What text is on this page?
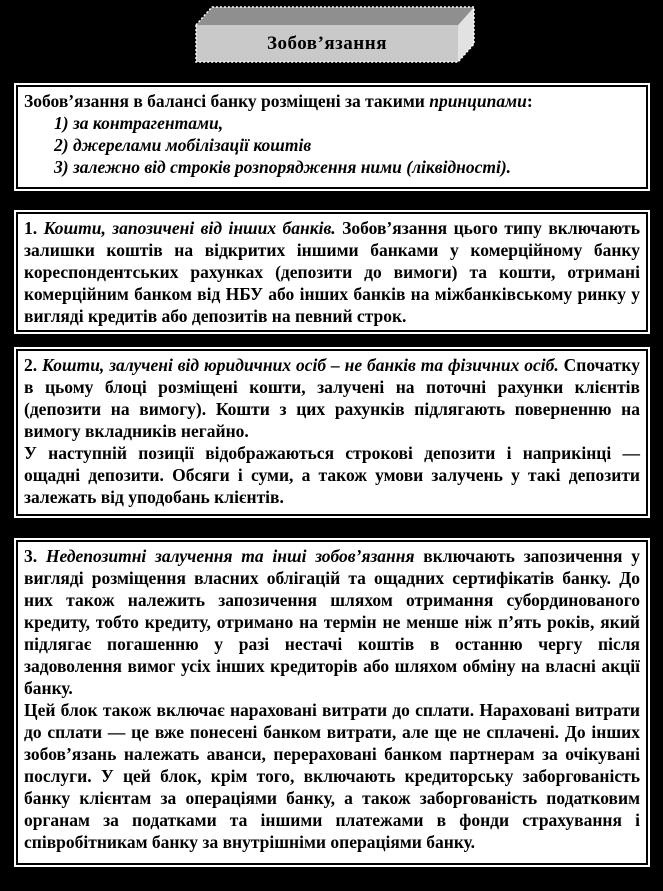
Зобов’язання

Зобов’язання в балансі банку розміщені за такими принципами:

1) за контрагентами,

2) джерелами мобілізації коштів

3) залежно від строків розпорядження ними (ліквідності).

1. Кошти, запозичені від інших банків. Зобов’язання цього типу включають залишки коштів на відкритих іншими банками у комерційному банку кореспондентських рахунках (депозити до вимоги) та кошти, отримані комерційним банком від НБУ або інших банків на міжбанківському ринку у вигляді кредитів або депозитів на певний строк.

2. Кошти, залучені від юридичних осіб – не банків та фізичних осіб. Спочатку в цьому блоці розміщені кошти, залучені на поточні рахунки клієнтів (депозити на вимогу). Кошти з цих рахунків підлягають поверненню на вимогу вкладників негайно.

У наступній позиції відображаються строкові депозити і наприкінці — ощадні депозити. Обсяги і суми, а також умови залучень у такі депозити залежать від уподобань клієнтів.

3. Недепозитні залучення та інші зобов’язання включають запозичення у вигляді розміщення власних облігацій та ощадних сертифікатів банку. До них також належить запозичення шляхом отримання субординованого кредиту, тобто кредиту, отримано на термін не менше ніж п’ять років, який підлягає погашенню у разі нестачі коштів в останню чергу після задоволення вимог усіх інших кредиторів або шляхом обміну на власні акції банку.

Цей блок також включає нараховані витрати до сплати. Нараховані витрати до сплати — це вже понесені банком витрати, але ще не сплачені. До інших зобов’язань належать аванси, перераховані банком партнерам за очікувані послуги. У цей блок, крім того, включають кредиторську заборгованість банку клієнтам за операціями банку, а також заборгованість податковим органам за податками та іншими платежами в фонди страхування і співробітникам банку за внутрішніми операціями банку.
